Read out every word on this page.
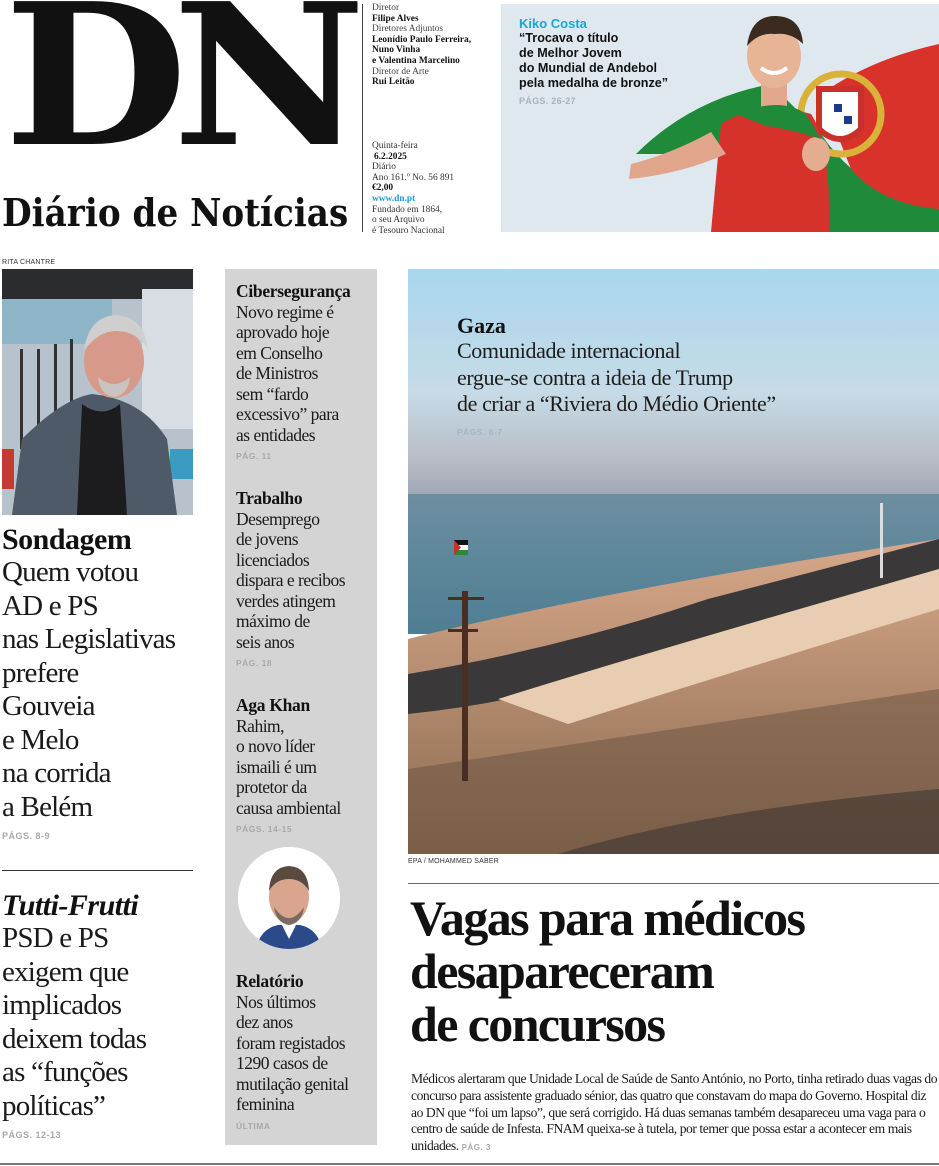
DN
Diário de Notícias
Diretor
Filipe Alves
Diretores Adjuntos
Leonídio Paulo Ferreira,
Nuno Vinha
e Valentina Marcelino
Diretor de Arte
Rui Leitão
Quinta-feira
6.2.2025
Diário
Ano 161.º No. 56 891
€2,00
www.dn.pt
Fundado em 1864,
o seu Arquivo
é Tesouro Nacional
Kiko Costa
“Trocava o título
de Melhor Jovem
do Mundial de Andebol
pela medalha de bronze”
PÁGS. 26-27
RITA CHANTRE
Sondagem
Quem votou
AD e PS
nas Legislativas
prefere
Gouveia
e Melo
na corrida
a Belém
PÁGS. 8-9
Tutti-Frutti
PSD e PS
exigem que
implicados
deixem todas
as “funções
políticas”
PÁGS. 12-13
Cibersegurança
Novo regime é
aprovado hoje
em Conselho
de Ministros
sem “fardo
excessivo” para
as entidades
PÁG. 11
Trabalho
Desemprego
de jovens
licenciados
dispara e recibos
verdes atingem
máximo de
seis anos
PÁG. 18
Aga Khan
Rahim,
o novo líder
ismaili é um
protetor da
causa ambiental
PÁGS. 14-15
Relatório
Nos últimos
dez anos
foram registados
1290 casos de
mutilação genital
feminina
ÚLTIMA
Gaza
Comunidade internacional
ergue-se contra a ideia de Trump
de criar a “Riviera do Médio Oriente”
PÁGS. 6-7
EPA / MOHAMMED SABER
Vagas para médicos
desapareceram
de concursos
Médicos alertaram que Unidade Local de Saúde de Santo António, no Porto, tinha retirado duas vagas do concurso para assistente graduado sénior, das quatro que constavam do mapa do Governo. Hospital diz ao DN que “foi um lapso”, que será corrigido. Há duas semanas também desapareceu uma vaga para o centro de saúde de Infesta. FNAM queixa-se à tutela, por temer que possa estar a acontecer em mais unidades. PÁG. 3
